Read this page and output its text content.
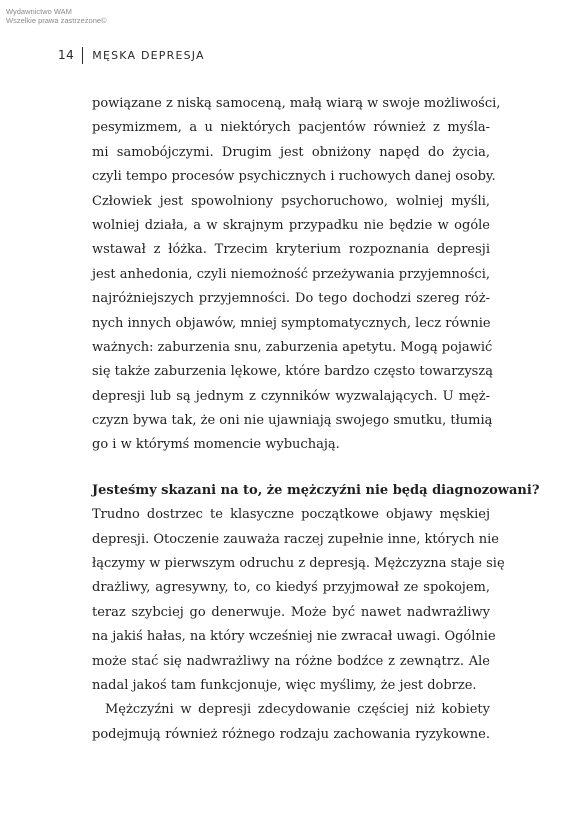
Wydawnictwo WAM
Wszelkie prawa zastrzeżone©
14 MĘSKA DEPRESJA
powiązane z niską samoceną, małą wiarą w swoje możliwości,
pesymizmem, a u niektórych pacjentów również z myśla-
mi samobójczymi. Drugim jest obniżony napęd do życia,
czyli tempo procesów psychicznych i ruchowych danej osoby.
Człowiek jest spowolniony psychoruchowo, wolniej myśli,
wolniej działa, a w skrajnym przypadku nie będzie w ogóle
wstawał z łóżka. Trzecim kryterium rozpoznania depresji
jest anhedonia, czyli niemożność przeżywania przyjemności,
najróżniejszych przyjemności. Do tego dochodzi szereg róż-
nych innych objawów, mniej symptomatycznych, lecz równie
ważnych: zaburzenia snu, zaburzenia apetytu. Mogą pojawić
się także zaburzenia lękowe, które bardzo często towarzyszą
depresji lub są jednym z czynników wyzwalających. U męż-
czyzn bywa tak, że oni nie ujawniają swojego smutku, tłumią
go i w którymś momencie wybuchają.
Jesteśmy skazani na to, że mężczyźni nie będą diagnozowani?
Trudno dostrzec te klasyczne początkowe objawy męskiej
depresji. Otoczenie zauważa raczej zupełnie inne, których nie
łączymy w pierwszym odruchu z depresją. Mężczyzna staje się
drażliwy, agresywny, to, co kiedyś przyjmował ze spokojem,
teraz szybciej go denerwuje. Może być nawet nadwrażliwy
na jakiś hałas, na który wcześniej nie zwracał uwagi. Ogólnie
może stać się nadwrażliwy na różne bodźce z zewnątrz. Ale
nadal jakoś tam funkcjonuje, więc myślimy, że jest dobrze.
Mężczyźni w depresji zdecydowanie częściej niż kobiety
podejmują również różnego rodzaju zachowania ryzykowne.
